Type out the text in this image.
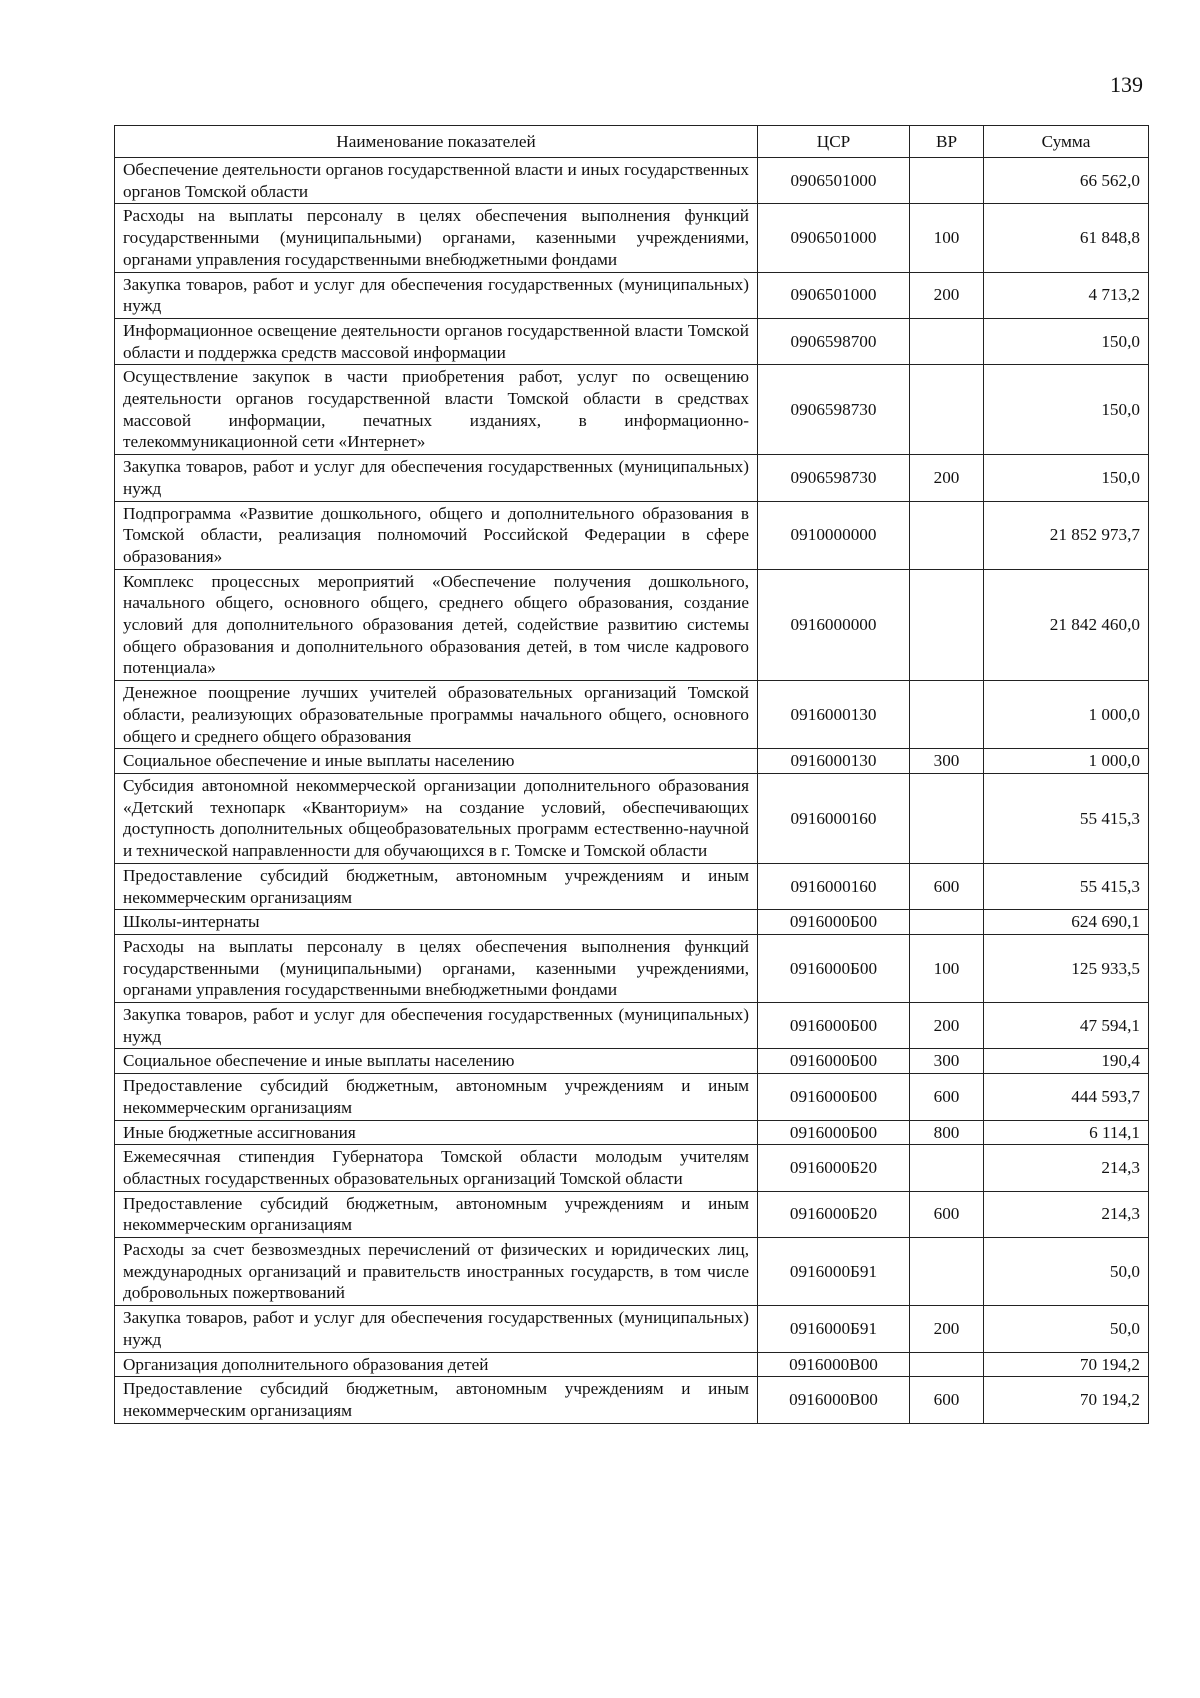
139
Наименование показателей	ЦСР	ВР	Сумма
Обеспечение деятельности органов государственной власти и иных государственных органов Томской области	0906501000		66 562,0
Расходы на выплаты персоналу в целях обеспечения выполнения функций государственными (муниципальными) органами, казенными учреждениями, органами управления государственными внебюджетными фондами	0906501000	100	61 848,8
Закупка товаров, работ и услуг для обеспечения государственных (муниципальных) нужд	0906501000	200	4 713,2
Информационное освещение деятельности органов государственной власти Томской области и поддержка средств массовой информации	0906598700		150,0
Осуществление закупок в части приобретения работ, услуг по освещению деятельности органов государственной власти Томской области в средствах массовой информации, печатных изданиях, в информационно-телекоммуникационной сети «Интернет»	0906598730		150,0
Закупка товаров, работ и услуг для обеспечения государственных (муниципальных) нужд	0906598730	200	150,0
Подпрограмма «Развитие дошкольного, общего и дополнительного образования в Томской области, реализация полномочий Российской Федерации в сфере образования»	0910000000		21 852 973,7
Комплекс процессных мероприятий «Обеспечение получения дошкольного, начального общего, основного общего, среднего общего образования, создание условий для дополнительного образования детей, содействие развитию системы общего образования и дополнительного образования детей, в том числе кадрового потенциала»	0916000000		21 842 460,0
Денежное поощрение лучших учителей образовательных организаций Томской области, реализующих образовательные программы начального общего, основного общего и среднего общего образования	0916000130		1 000,0
Социальное обеспечение и иные выплаты населению	0916000130	300	1 000,0
Субсидия автономной некоммерческой организации дополнительного образования «Детский технопарк «Кванториум» на создание условий, обеспечивающих доступность дополнительных общеобразовательных программ естественно-научной и технической направленности для обучающихся в г. Томске и Томской области	0916000160		55 415,3
Предоставление субсидий бюджетным, автономным учреждениям и иным некоммерческим организациям	0916000160	600	55 415,3
Школы-интернаты	0916000Б00		624 690,1
Расходы на выплаты персоналу в целях обеспечения выполнения функций государственными (муниципальными) органами, казенными учреждениями, органами управления государственными внебюджетными фондами	0916000Б00	100	125 933,5
Закупка товаров, работ и услуг для обеспечения государственных (муниципальных) нужд	0916000Б00	200	47 594,1
Социальное обеспечение и иные выплаты населению	0916000Б00	300	190,4
Предоставление субсидий бюджетным, автономным учреждениям и иным некоммерческим организациям	0916000Б00	600	444 593,7
Иные бюджетные ассигнования	0916000Б00	800	6 114,1
Ежемесячная стипендия Губернатора Томской области молодым учителям областных государственных образовательных организаций Томской области	0916000Б20		214,3
Предоставление субсидий бюджетным, автономным учреждениям и иным некоммерческим организациям	0916000Б20	600	214,3
Расходы за счет безвозмездных перечислений от физических и юридических лиц, международных организаций и правительств иностранных государств, в том числе добровольных пожертвований	0916000Б91		50,0
Закупка товаров, работ и услуг для обеспечения государственных (муниципальных) нужд	0916000Б91	200	50,0
Организация дополнительного образования детей	0916000В00		70 194,2
Предоставление субсидий бюджетным, автономным учреждениям и иным некоммерческим организациям	0916000В00	600	70 194,2
